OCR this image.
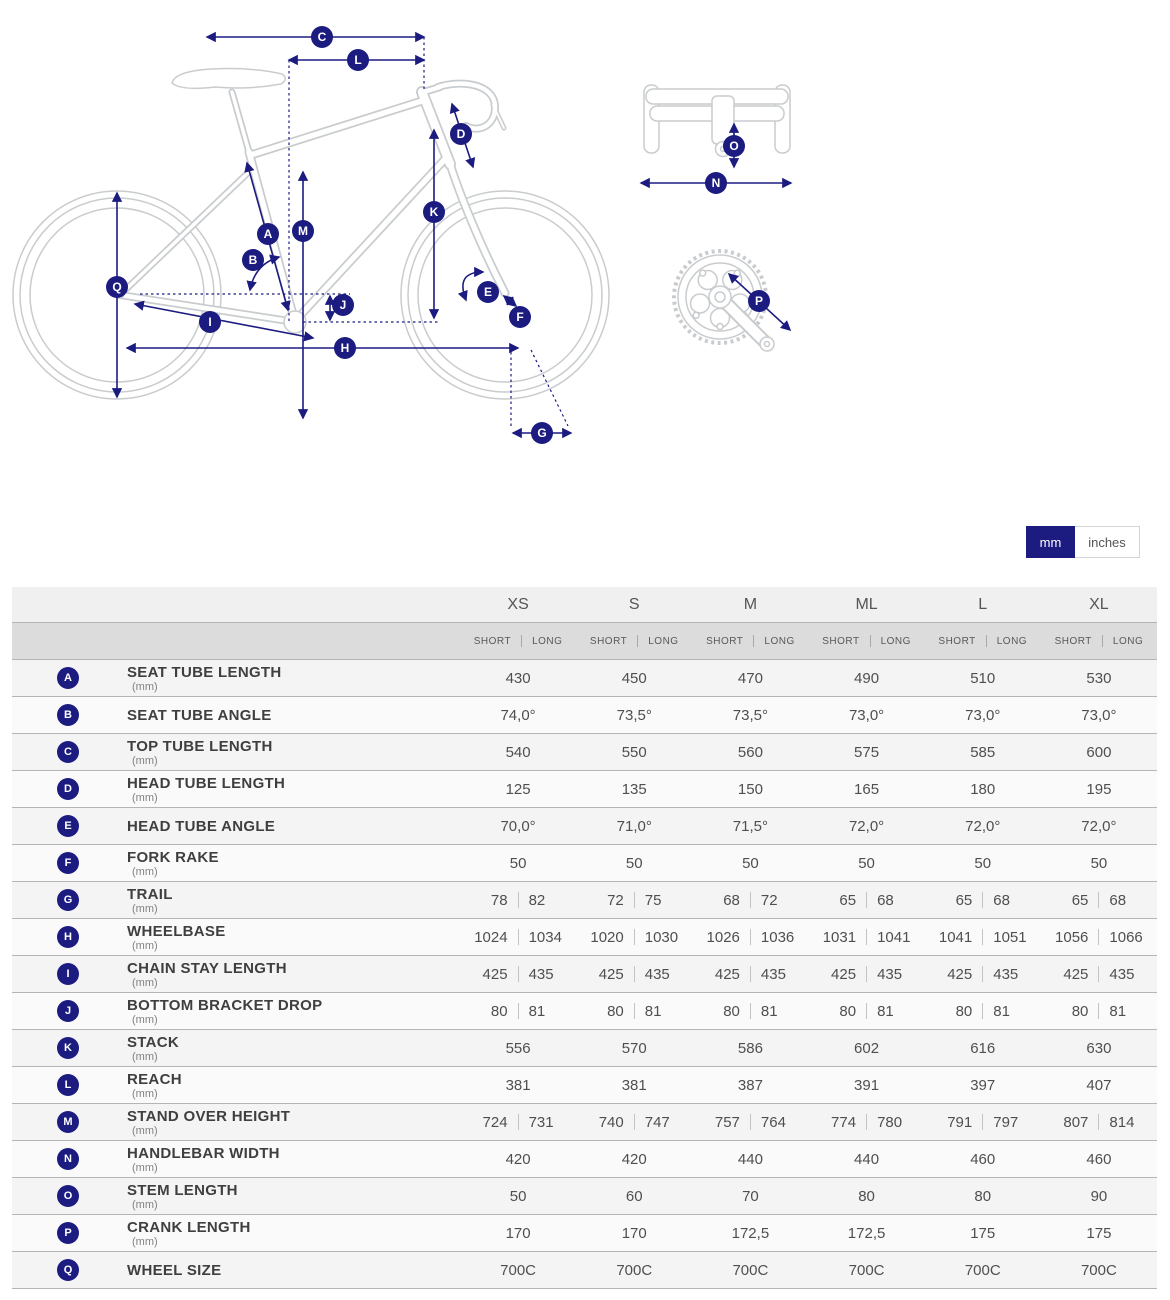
A
B
C
D
E
F
G
H
I
J
K
L
M
N
O
P
Q
mm	inches
XS	S	M	ML	L	XL
SHORT LONG	SHORT LONG	SHORT LONG	SHORT LONG	SHORT LONG	SHORT LONG
A	SEAT TUBE LENGTH
(mm)	430	450	470	490	510	530
B	SEAT TUBE ANGLE	74,0°	73,5°	73,5°	73,0°	73,0°	73,0°
C	TOP TUBE LENGTH
(mm)	540	550	560	575	585	600
D	HEAD TUBE LENGTH
(mm)	125	135	150	165	180	195
E	HEAD TUBE ANGLE	70,0°	71,0°	71,5°	72,0°	72,0°	72,0°
F	FORK RAKE
(mm)	50	50	50	50	50	50
G	TRAIL
(mm)	78 82	72 75	68 72	65 68	65 68	65 68
H	WHEELBASE
(mm)	1024 1034	1020 1030	1026 1036	1031 1041	1041 1051	1056 1066
I	CHAIN STAY LENGTH
(mm)	425 435	425 435	425 435	425 435	425 435	425 435
J	BOTTOM BRACKET DROP
(mm)	80 81	80 81	80 81	80 81	80 81	80 81
K	STACK
(mm)	556	570	586	602	616	630
L	REACH
(mm)	381	381	387	391	397	407
M	STAND OVER HEIGHT
(mm)	724 731	740 747	757 764	774 780	791 797	807 814
N	HANDLEBAR WIDTH
(mm)	420	420	440	440	460	460
O	STEM LENGTH
(mm)	50	60	70	80	80	90
P	CRANK LENGTH
(mm)	170	170	172,5	172,5	175	175
Q	WHEEL SIZE	700C	700C	700C	700C	700C	700C
